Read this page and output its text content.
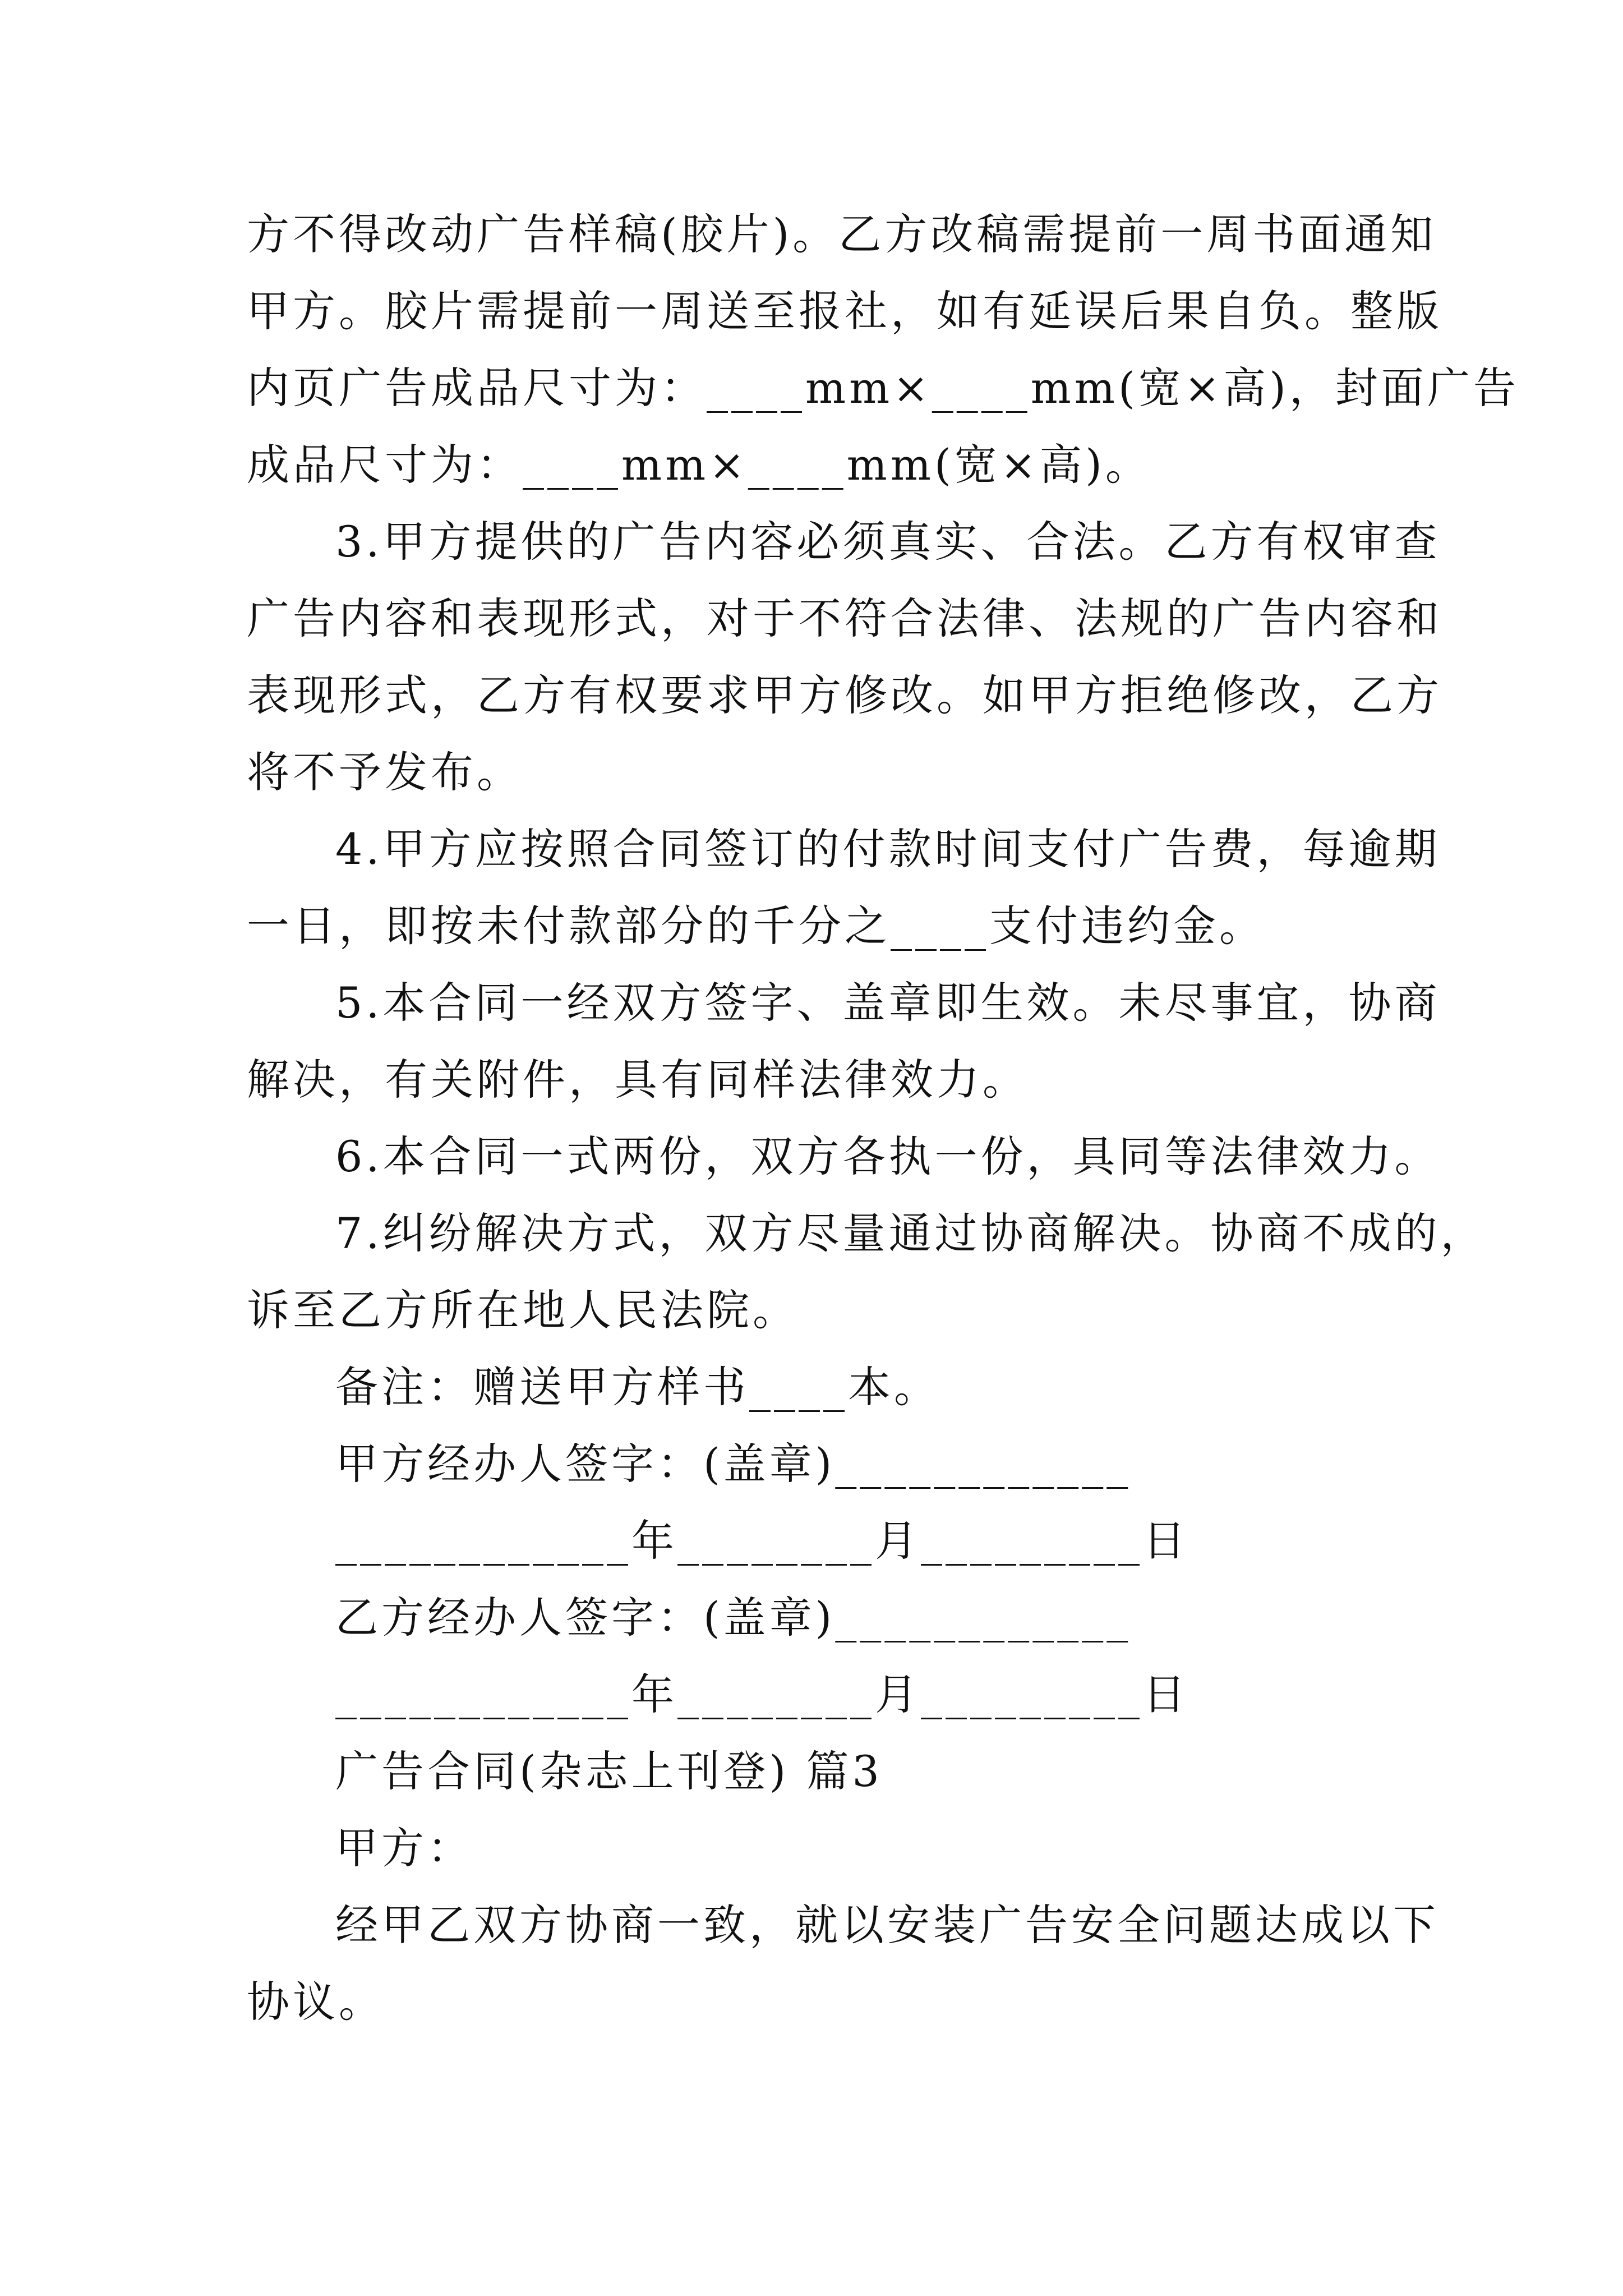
方不得改动广告样稿(胶片)。乙方改稿需提前一周书面通知
甲方。胶片需提前一周送至报社，如有延误后果自负。整版
内页广告成品尺寸为：____mm×____mm(宽×高)，封面广告
成品尺寸为：____mm×____mm(宽×高)。
3.甲方提供的广告内容必须真实、合法。乙方有权审查
广告内容和表现形式，对于不符合法律、法规的广告内容和
表现形式，乙方有权要求甲方修改。如甲方拒绝修改，乙方
将不予发布。
4.甲方应按照合同签订的付款时间支付广告费，每逾期
一日，即按未付款部分的千分之____支付违约金。
5.本合同一经双方签字、盖章即生效。未尽事宜，协商
解决，有关附件，具有同样法律效力。
6.本合同一式两份，双方各执一份，具同等法律效力。
7.纠纷解决方式，双方尽量通过协商解决。协商不成的，
诉至乙方所在地人民法院。
备注：赠送甲方样书____本。
甲方经办人签字：(盖章)____________
____________年________月_________日
乙方经办人签字：(盖章)____________
____________年________月_________日
广告合同(杂志上刊登) 篇3
甲方：
经甲乙双方协商一致，就以安装广告安全问题达成以下
协议。
